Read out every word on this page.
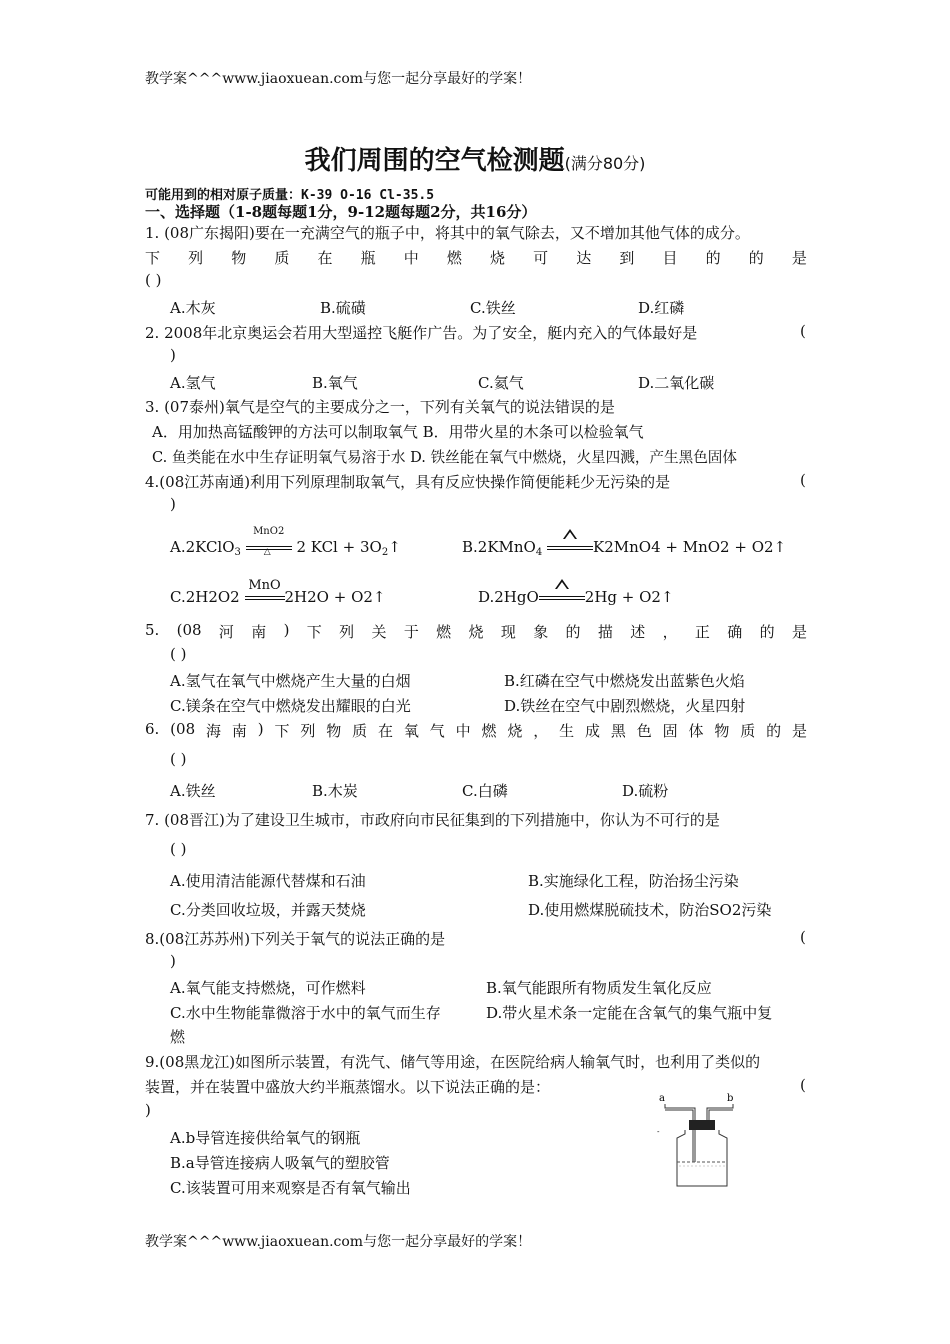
教学案^^^www.jiaoxuean.com与您一起分享最好的学案！
我们周围的空气检测题(满分80分)
可能用到的相对原子质量：K-39 O-16 Cl-35.5
一、选择题（1-8题每题1分，9-12题每题2分，共16分）
1. (08广东揭阳)要在一充满空气的瓶子中，将其中的氧气除去，又不增加其他气体的成分。
下 列 物 质 在 瓶 中 燃 烧 可 达 到 目 的 的 是
( )
A.木灰	B.硫磺	C.铁丝	D.红磷
2. 2008年北京奥运会若用大型遥控飞艇作广告。为了安全，艇内充入的气体最好是	(
)
A.氢气	B.氧气	C.氦气	D.二氧化碳
3. (07泰州)氧气是空气的主要成分之一，下列有关氧气的说法错误的是
A．用加热高锰酸钾的方法可以制取氧气 B．用带火星的木条可以检验氧气
C. 鱼类能在水中生存证明氧气易溶于水 D. 铁丝能在氧气中燃烧，火星四溅，产生黑色固体
4.(08江苏南通)利用下列原理制取氧气，具有反应快操作简便能耗少无污染的是	(
)
A.2KClO$_3$
MnO2
△ 2 KCl + $3O_2↑$	B.2KMnO$_4$	K2MnO4 + MnO2 + O2↑
C.2H2O2
MnO
2H2O + O2↑	D.2HgO	2Hg + O2↑
5. (08 河 南 ) 下 列 关 于 燃 烧 现 象 的 描 述 ， 正 确 的 是
( )
A.氢气在氧气中燃烧产生大量的白烟	B.红磷在空气中燃烧发出蓝紫色火焰
C.镁条在空气中燃烧发出耀眼的白光	D.铁丝在空气中剧烈燃烧，火星四射
6. (08 海 南 ) 下 列 物 质 在 氧 气 中 燃 烧 ， 生 成 黑 色 固 体 物 质 的 是
( )
A.铁丝	B.木炭	C.白磷	D.硫粉
7. (08晋江)为了建设卫生城市，市政府向市民征集到的下列措施中，你认为不可行的是
( )
A.使用清洁能源代替煤和石油	B.实施绿化工程，防治扬尘污染
C.分类回收垃圾，并露天焚烧	D.使用燃煤脱硫技术，防治SO2污染
8.(08江苏苏州)下列关于氧气的说法正确的是	(
)
A.氧气能支持燃烧，可作燃料	B.氧气能跟所有物质发生氧化反应
C.水中生物能靠微溶于水中的氧气而生存	D.带火星术条一定能在含氧气的集气瓶中复
燃
9.(08黑龙江)如图所示装置，有洗气、储气等用途，在医院给病人输氧气时，也利用了类似的
装置，并在装置中盛放大约半瓶蒸馏水。以下说法正确的是：	(
)
A.b导管连接供给氧气的钢瓶
B.a导管连接病人吸氧气的塑胶管
C.该装置可用来观察是否有氧气输出
a	b
-
教学案^^^www.jiaoxuean.com与您一起分享最好的学案！
